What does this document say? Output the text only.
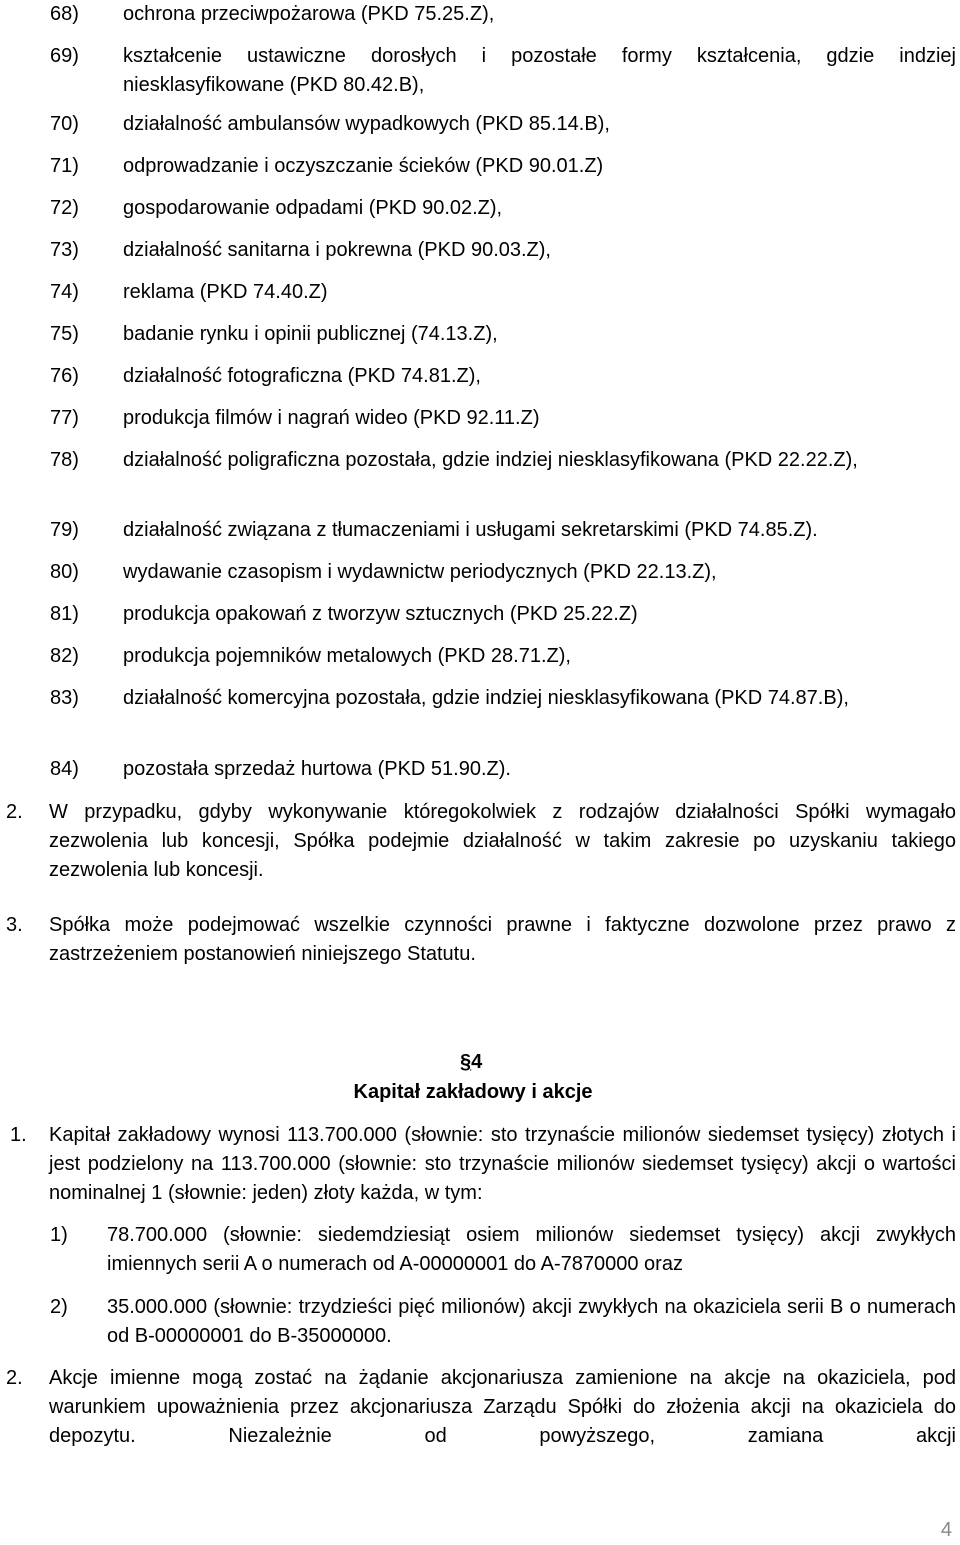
68)	ochrona przeciwpożarowa (PKD 75.25.Z),
69)	kształcenie ustawiczne dorosłych i pozostałe formy kształcenia, gdzie indziej niesklasyfikowane (PKD 80.42.B),
70)	działalność ambulansów wypadkowych (PKD 85.14.B),
71)	odprowadzanie i oczyszczanie ścieków (PKD 90.01.Z)
72)	gospodarowanie odpadami (PKD 90.02.Z),
73)	działalność sanitarna i pokrewna (PKD 90.03.Z),
74)	reklama (PKD 74.40.Z)
75)	badanie rynku i opinii publicznej (74.13.Z),
76)	działalność fotograficzna (PKD 74.81.Z),
77)	produkcja filmów i nagrań wideo (PKD 92.11.Z)
78)	działalność poligraficzna pozostała, gdzie indziej niesklasyfikowana (PKD 22.22.Z),
79)	działalność związana z tłumaczeniami i usługami sekretarskimi (PKD 74.85.Z).
80)	wydawanie czasopism i wydawnictw periodycznych (PKD 22.13.Z),
81)	produkcja opakowań z tworzyw sztucznych (PKD 25.22.Z)
82)	produkcja pojemników metalowych (PKD 28.71.Z),
83)	działalność komercyjna pozostała, gdzie indziej niesklasyfikowana (PKD 74.87.B),
84)	pozostała sprzedaż hurtowa (PKD 51.90.Z).
2. W przypadku, gdyby wykonywanie któregokolwiek z rodzajów działalności Spółki wymagało zezwolenia lub koncesji, Spółka podejmie działalność w takim zakresie po uzyskaniu takiego zezwolenia lub koncesji.
3. Spółka może podejmować wszelkie czynności prawne i faktyczne dozwolone przez prawo z zastrzeżeniem postanowień niniejszego Statutu.
§4
Kapitał zakładowy i akcje
1. Kapitał zakładowy wynosi 113.700.000 (słownie: sto trzynaście milionów siedemset tysięcy) złotych i jest podzielony na 113.700.000 (słownie: sto trzynaście milionów siedemset tysięcy) akcji o wartości nominalnej 1 (słownie: jeden) złoty każda, w tym:
1) 78.700.000 (słownie: siedemdziesiąt osiem milionów siedemset tysięcy) akcji zwykłych imiennych serii A o numerach od A-00000001 do A-7870000 oraz
2) 35.000.000 (słownie: trzydzieści pięć milionów) akcji zwykłych na okaziciela serii B o numerach od B-00000001 do B-35000000.
2. Akcje imienne mogą zostać na żądanie akcjonariusza zamienione na akcje na okaziciela, pod warunkiem upoważnienia przez akcjonariusza Zarządu Spółki do złożenia akcji na okaziciela do depozytu. Niezależnie od powyższego, zamiana akcji
4
